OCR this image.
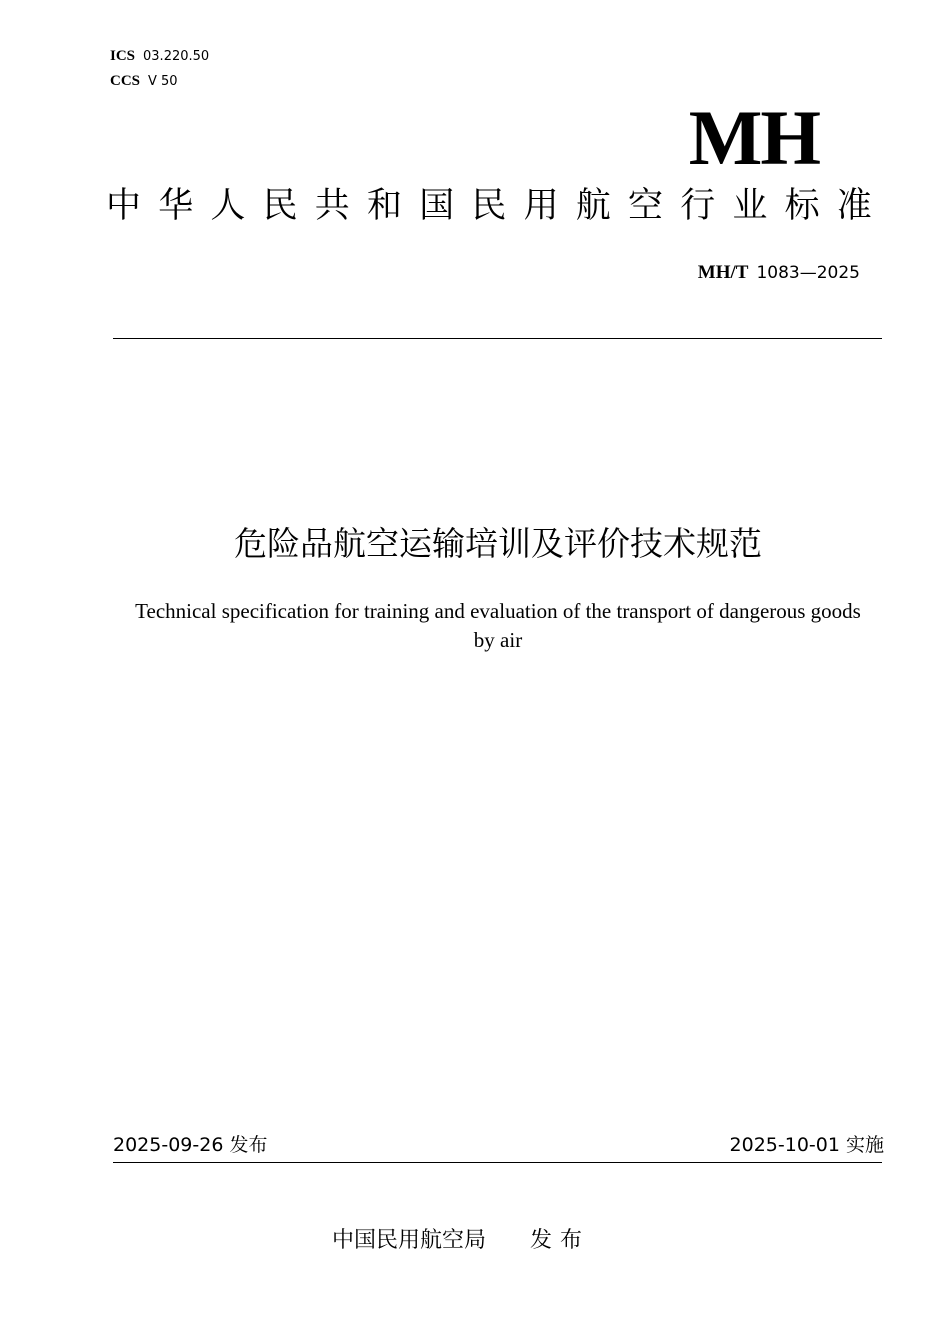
ICS 03.220.50
CCS V 50
MH
中华人民共和国民用航空行业标准
MH/T 1083—2025
危险品航空运输培训及评价技术规范
Technical specification for training and evaluation of the transport of dangerous goods by air
2025-09-26 发布	2025-10-01 实施
中国民用航空局 发布
